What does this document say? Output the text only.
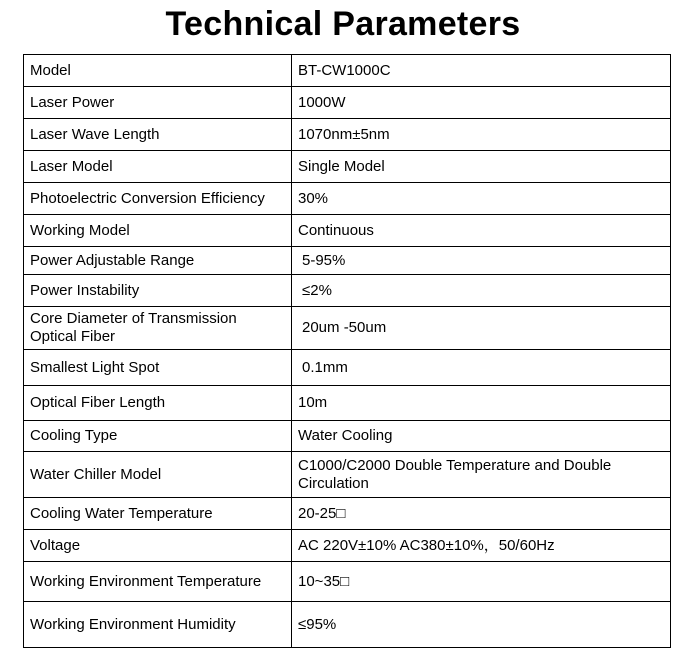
Technical Parameters
Model	BT-CW1000C
Laser Power	1000W
Laser Wave Length	1070nm±5nm
Laser Model	Single Model
Photoelectric Conversion Efficiency	30%
Working Model	Continuous
Power Adjustable Range	5-95%
Power Instability	≤2%
Core Diameter of Transmission Optical Fiber	20um -50um
Smallest Light Spot	0.1mm
Optical Fiber Length	10m
Cooling Type	Water Cooling
Water Chiller Model	C1000/C2000 Double Temperature and Double Circulation
Cooling Water Temperature	20-25□
Voltage	AC 220V±10% AC380±10%，50/60Hz
Working Environment Temperature	10~35□
Working Environment Humidity	≤95%
